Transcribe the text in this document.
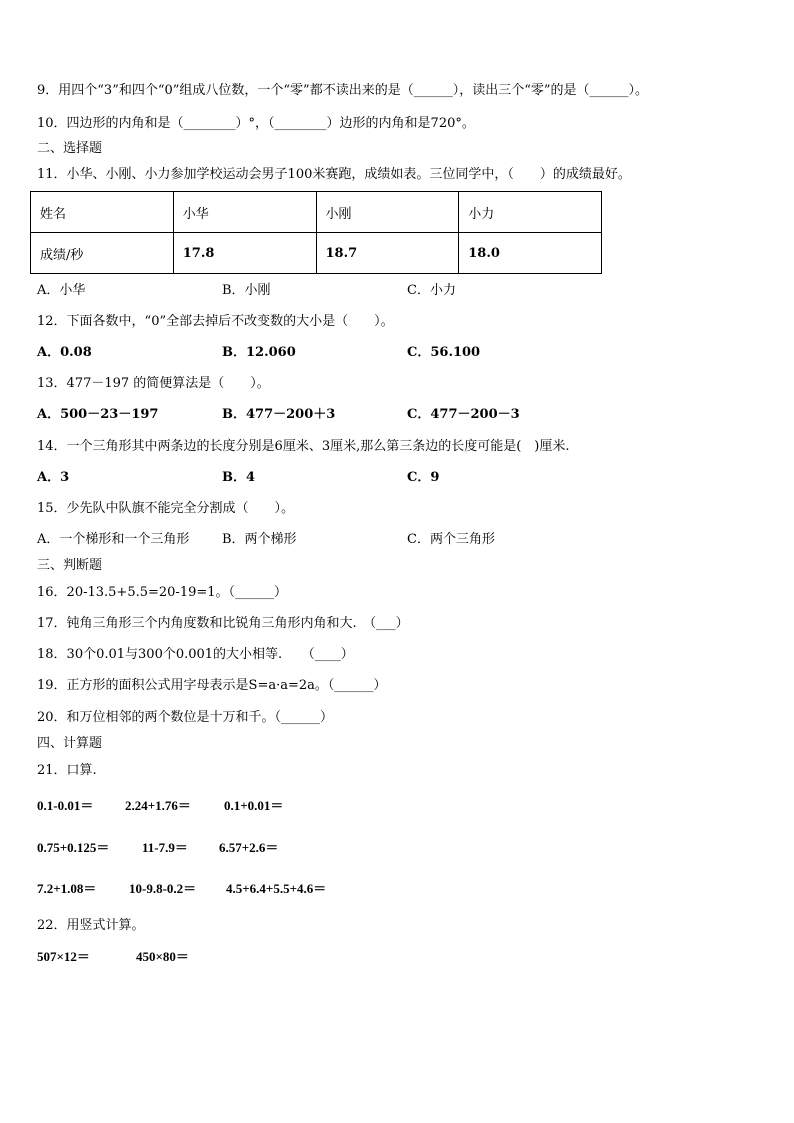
9．用四个“3”和四个“0”组成八位数，一个“零”都不读出来的是（______），读出三个“零”的是（______）。
10．四边形的内角和是（________）°，（________）边形的内角和是720°。
二、选择题
11．小华、小刚、小力参加学校运动会男子100米赛跑，成绩如表。三位同学中，（　　）的成绩最好。
姓名	小华	小刚	小力
成绩/秒	17.8	18.7	18.0
A．小华	B．小刚	C．小力
12．下面各数中，“0”全部去掉后不改变数的大小是（　　）。
A．0.08	B．12.060	C．56.100
13．477－197 的简便算法是（　　）。
A．500－23－197	B．477－200＋3	C．477－200－3
14．一个三角形其中两条边的长度分别是6厘米、3厘米,那么第三条边的长度可能是(　)厘米.
A．3	B．4	C．9
15．少先队中队旗不能完全分割成（　　）。
A．一个梯形和一个三角形	B．两个梯形	C．两个三角形
三、判断题
16．20-13.5+5.5=20-19=1。（______）
17．钝角三角形三个内角度数和比锐角三角形内角和大.　（___）
18．30个0.01与300个0.001的大小相等.　　（____）
19．正方形的面积公式用字母表示是S=a·a=2a。（______）
20．和万位相邻的两个数位是十万和千。（______）
四、计算题
21．口算.
0.1-0.01＝ 2.24+1.76＝	0.1+0.01＝
0.75+0.125＝	11-7.9＝ 6.57+2.6＝
7.2+1.08＝	10-9.8-0.2＝ 4.5+6.4+5.5+4.6＝
22．用竖式计算。
507×12＝	450×80＝
